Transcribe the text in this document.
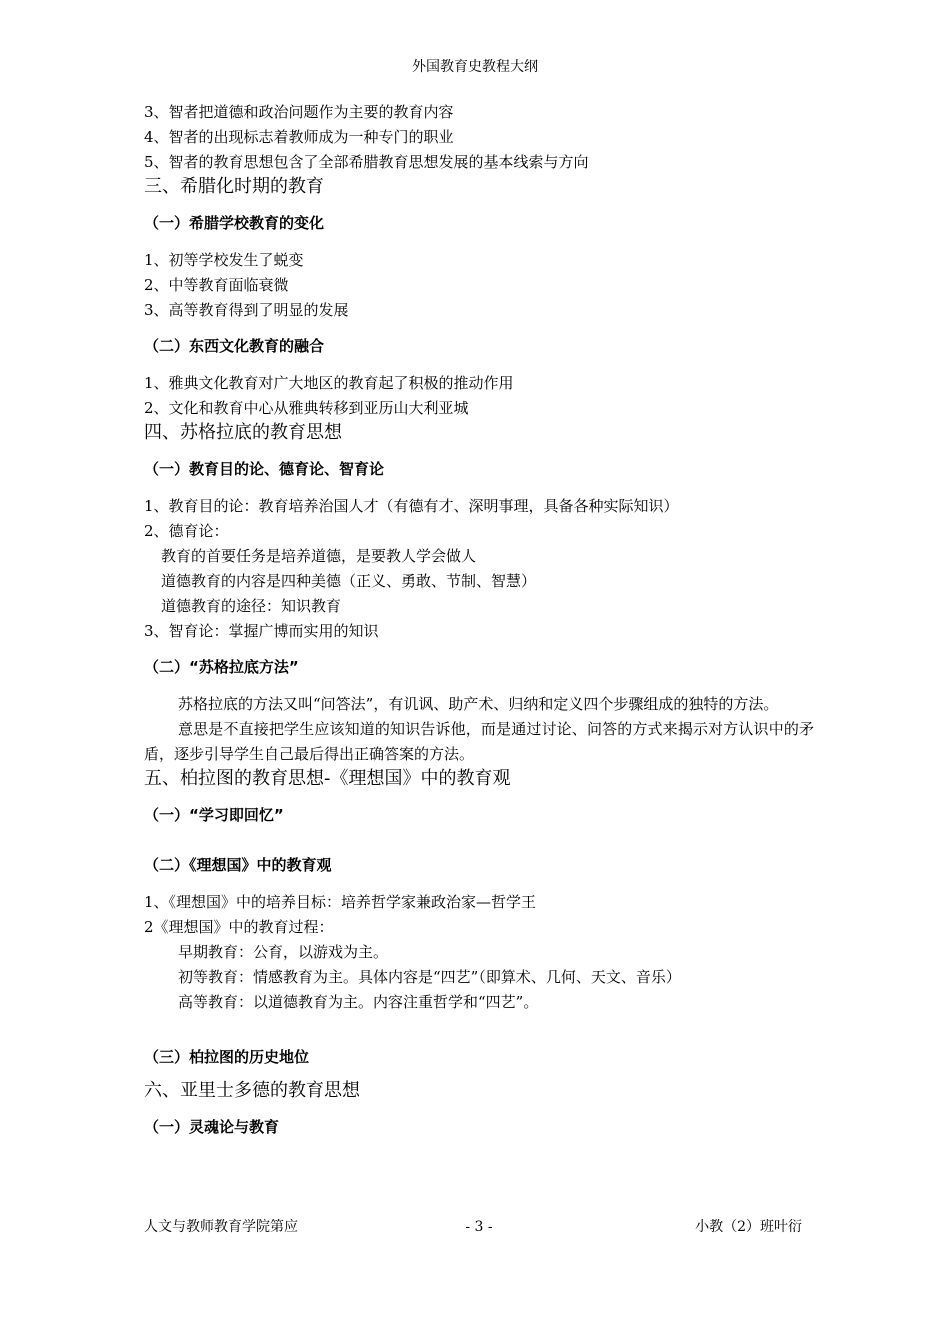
外国教育史教程大纲
3、智者把道德和政治问题作为主要的教育内容
4、智者的出现标志着教师成为一种专门的职业
5、智者的教育思想包含了全部希腊教育思想发展的基本线索与方向
三、希腊化时期的教育
（一）希腊学校教育的变化
1、初等学校发生了蜕变
2、中等教育面临衰微
3、高等教育得到了明显的发展
（二）东西文化教育的融合
1、雅典文化教育对广大地区的教育起了积极的推动作用
2、文化和教育中心从雅典转移到亚历山大利亚城
四、苏格拉底的教育思想
（一）教育目的论、德育论、智育论
1、教育目的论：教育培养治国人才（有德有才、深明事理，具备各种实际知识）
2、德育论：
教育的首要任务是培养道德，是要教人学会做人
道德教育的内容是四种美德（正义、勇敢、节制、智慧）
道德教育的途径：知识教育
3、智育论：掌握广博而实用的知识
（二）“苏格拉底方法”
苏格拉底的方法又叫“问答法”，有讥讽、助产术、归纳和定义四个步骤组成的独特的方法。
意思是不直接把学生应该知道的知识告诉他，而是通过讨论、问答的方式来揭示对方认识中的矛盾，逐步引导学生自己最后得出正确答案的方法。
五、柏拉图的教育思想-《理想国》中的教育观
（一）“学习即回忆”
（二）《理想国》中的教育观
1、《理想国》中的培养目标：培养哲学家兼政治家—哲学王
2《理想国》中的教育过程：
早期教育：公育，以游戏为主。
初等教育：情感教育为主。具体内容是“四艺”（即算术、几何、天文、音乐）
高等教育：以道德教育为主。内容注重哲学和“四艺”。
（三）柏拉图的历史地位
六、亚里士多德的教育思想
（一）灵魂论与教育
人文与教师教育学院第应	- 3 -	小教（2）班叶衍
